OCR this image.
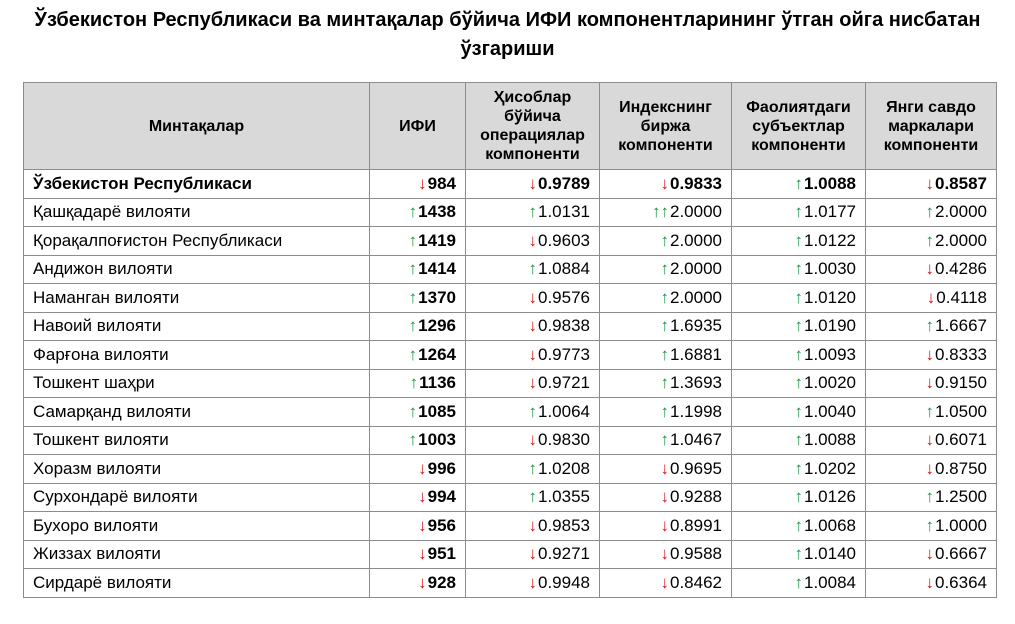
Ўзбекистон Республикаси ва минтақалар бўйича ИФИ компонентларининг ўтган ойга нисбатан ўзгариши
Минтақалар	ИФИ	Ҳисоблар бўйича операциялар компоненти	Индекснинг биржа компоненти	Фаолиятдаги субъектлар компоненти	Янги савдо маркалари компоненти
Ўзбекистон Республикаси	↓984	↓0.9789	↓0.9833	↑1.0088	↓0.8587
Қашқадарё вилояти	↑1438	↑1.0131	↑↑2.0000	↑1.0177	↑2.0000
Қорақалпоғистон Республикаси	↑1419	↓0.9603	↑2.0000	↑1.0122	↑2.0000
Андижон вилояти	↑1414	↑1.0884	↑2.0000	↑1.0030	↓0.4286
Наманган вилояти	↑1370	↓0.9576	↑2.0000	↑1.0120	↓0.4118
Навоий вилояти	↑1296	↓0.9838	↑1.6935	↑1.0190	↑1.6667
Фарғона вилояти	↑1264	↓0.9773	↑1.6881	↑1.0093	↓0.8333
Тошкент шаҳри	↑1136	↓0.9721	↑1.3693	↑1.0020	↓0.9150
Самарқанд вилояти	↑1085	↑1.0064	↑1.1998	↑1.0040	↑1.0500
Тошкент вилояти	↑1003	↓0.9830	↑1.0467	↑1.0088	↓0.6071
Хоразм вилояти	↓996	↑1.0208	↓0.9695	↑1.0202	↓0.8750
Сурхондарё вилояти	↓994	↑1.0355	↓0.9288	↑1.0126	↑1.2500
Бухоро вилояти	↓956	↓0.9853	↓0.8991	↑1.0068	↑1.0000
Жиззах вилояти	↓951	↓0.9271	↓0.9588	↑1.0140	↓0.6667
Сирдарё вилояти	↓928	↓0.9948	↓0.8462	↑1.0084	↓0.6364
